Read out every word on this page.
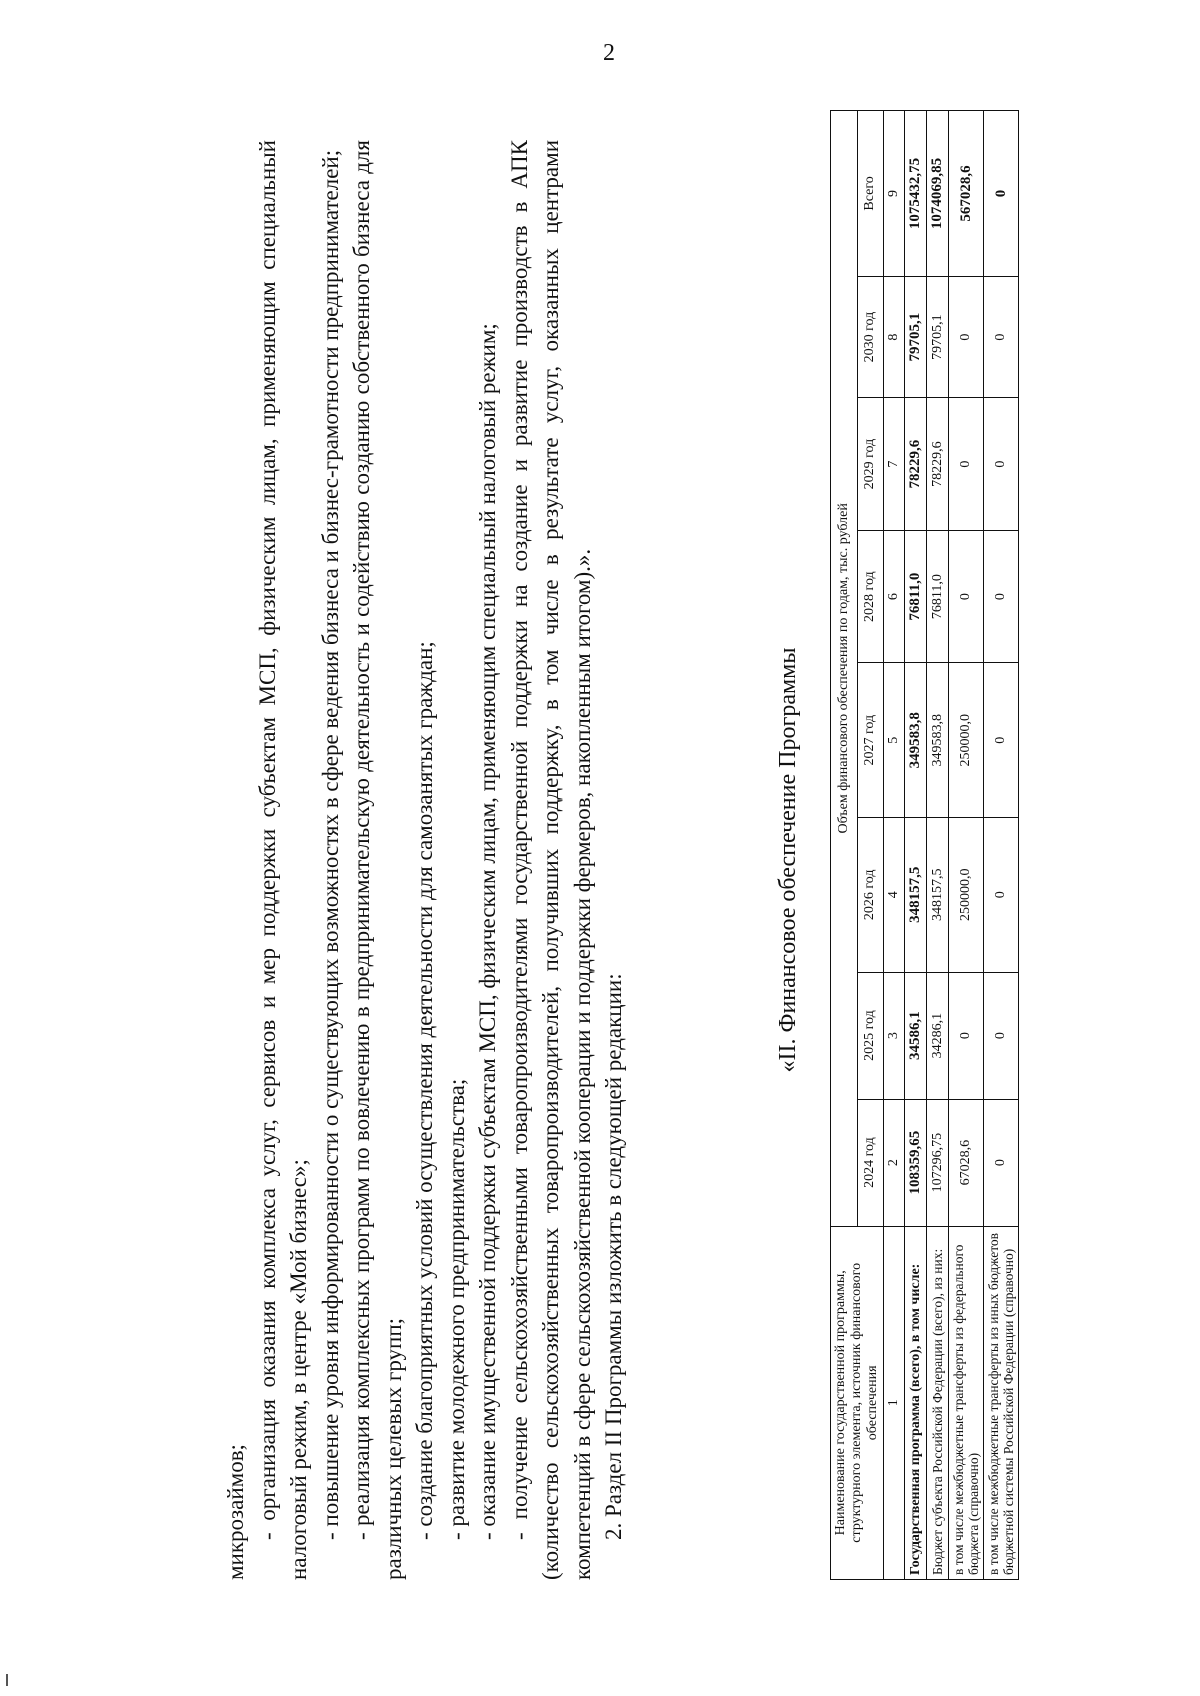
2

микрозаймов; - организация оказания комплекса услуг, сервисов и мер поддержки субъектам МСП, физическим лицам, применяющим специальный налоговый режим, в центре «Мой бизнес»; - повышение уровня информированности о существующих возможностях в сфере ведения бизнеса и бизнес-грамотности предпринимателей; - реализация комплексных программ по вовлечению в предпринимательскую деятельность и содействию созданию собственного бизнеса для различных целевых групп; - создание благоприятных условий осуществления деятельности для самозанятых граждан; - развитие молодежного предпринимательства; - оказание имущественной поддержки субъектам МСП, физическим лицам, применяющим специальный налоговый режим; - получение сельскохозяйственными товаропроизводителями государственной поддержки на создание и развитие производств в АПК (количество сельскохозяйственных товаропроизводителей, получивших поддержку, в том числе в результате услуг, оказанных центрами компетенций в сфере сельскохозяйственной кооперации и поддержки фермеров, накопленным итогом).». 2. Раздел II Программы изложить в следующей редакции:

«II. Финансовое обеспечение Программы
Наименование государственной программы, структурного элемента, источник финансового обеспечения	Объем финансового обеспечения по годам, тыс. рублей							
	2024 год	2025 год	2026 год	2027 год	2028 год	2029 год	2030 год	Всего
1	2	3	4	5	6	7	8	9
Государственная программа (всего), в том числе:	108359,65	34586,1	348157,5	349583,8	76811,0	78229,6	79705,1	1075432,75
Бюджет субъекта Российской Федерации (всего), из них:	107296,75	34286,1	348157,5	349583,8	76811,0	78229,6	79705,1	1074069,85
в том числе межбюджетные трансферты из федерального бюджета (справочно)	67028,6	0	250000,0	250000,0	0	0	0	567028,6
в том числе межбюджетные трансферты из иных бюджетов бюджетной системы Российской Федерации (справочно)	0	0	0	0	0	0	0	0
